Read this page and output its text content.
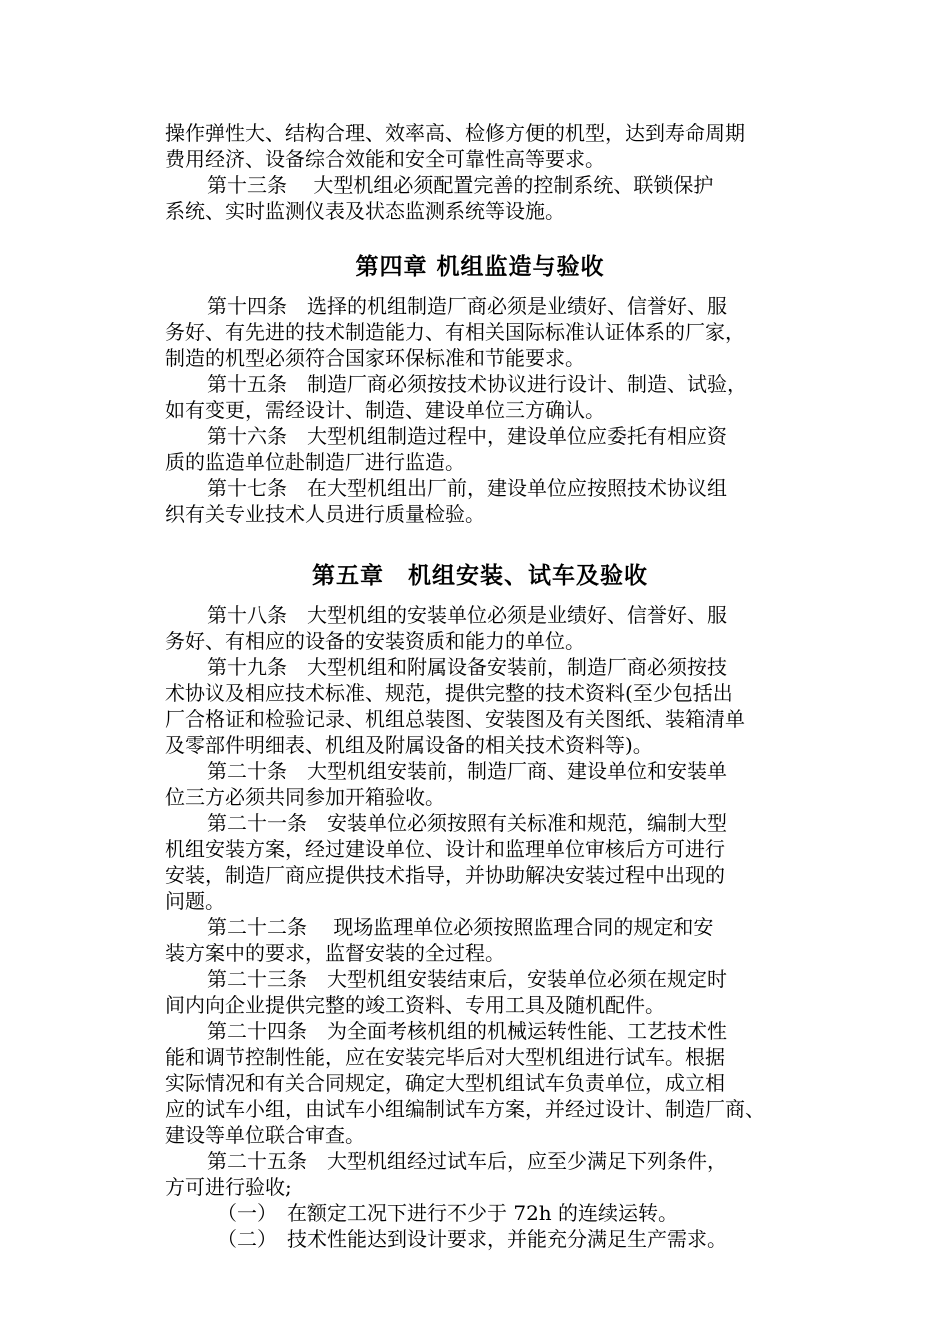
操作弹性大、结构合理、效率高、检修方便的机型，达到寿命周期
费用经济、设备综合效能和安全可靠性高等要求。

第十三条　 大型机组必须配置完善的控制系统、联锁保护
系统、实时监测仪表及状态监测系统等设施。

第四章 机组监造与验收

第十四条　选择的机组制造厂商必须是业绩好、信誉好、服
务好、有先进的技术制造能力、有相关国际标准认证体系的厂家，
制造的机型必须符合国家环保标准和节能要求。

第十五条　制造厂商必须按技术协议进行设计、制造、试验，
如有变更，需经设计、制造、建设单位三方确认。

第十六条　大型机组制造过程中，建设单位应委托有相应资
质的监造单位赴制造厂进行监造。

第十七条　在大型机组出厂前，建设单位应按照技术协议组
织有关专业技术人员进行质量检验。

第五章　机组安装、试车及验收

第十八条　大型机组的安装单位必须是业绩好、信誉好、服
务好、有相应的设备的安装资质和能力的单位。

第十九条　大型机组和附属设备安装前，制造厂商必须按技
术协议及相应技术标准、规范，提供完整的技术资料(至少包括出
厂合格证和检验记录、机组总装图、安装图及有关图纸、装箱清单
及零部件明细表、机组及附属设备的相关技术资料等)。

第二十条　大型机组安装前，制造厂商、建设单位和安装单
位三方必须共同参加开箱验收。

第二十一条　安装单位必须按照有关标准和规范，编制大型
机组安装方案，经过建设单位、设计和监理单位审核后方可进行
安装，制造厂商应提供技术指导，并协助解决安装过程中出现的
问题。

第二十二条　 现场监理单位必须按照监理合同的规定和安
装方案中的要求，监督安装的全过程。

第二十三条　大型机组安装结束后，安装单位必须在规定时
间内向企业提供完整的竣工资料、专用工具及随机配件。

第二十四条　为全面考核机组的机械运转性能、工艺技术性
能和调节控制性能，应在安装完毕后对大型机组进行试车。根据
实际情况和有关合同规定，确定大型机组试车负责单位，成立相
应的试车小组，由试车小组编制试车方案，并经过设计、制造厂商、
建设等单位联合审查。

第二十五条　大型机组经过试车后，应至少满足下列条件，
方可进行验收;

（一）　在额定工况下进行不少于 72h 的连续运转。

（二）　技术性能达到设计要求，并能充分满足生产需求。
